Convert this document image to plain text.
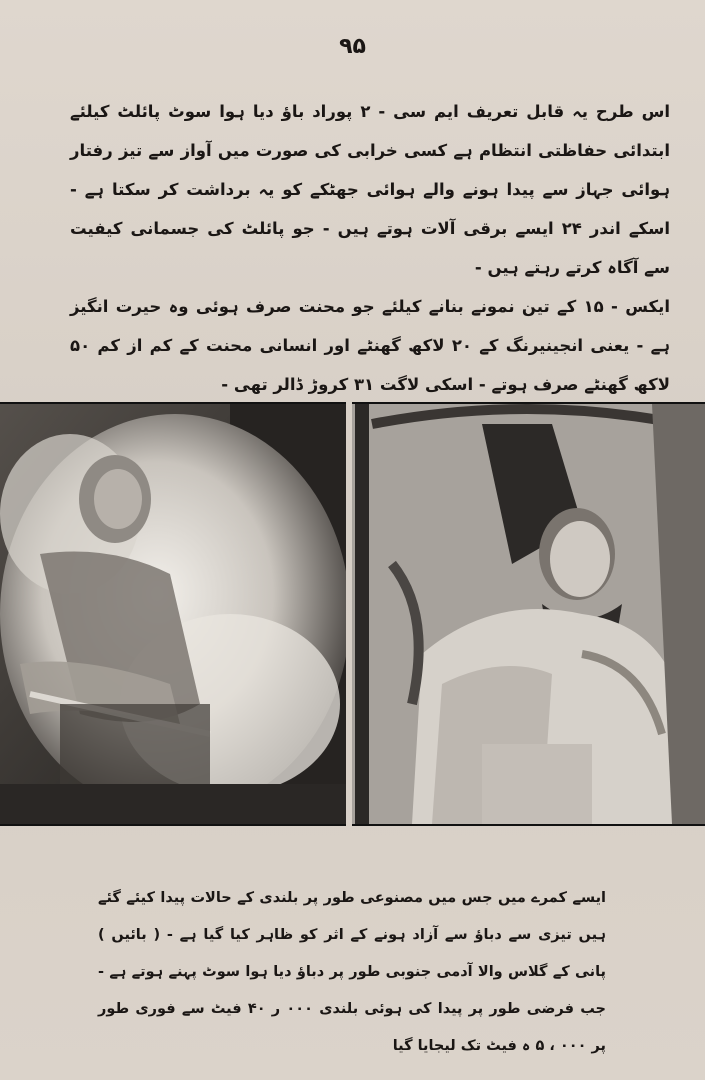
۹۵

اس طرح یہ قابل تعریف ایم سی - ۲ پوراد باؤ دیا ہوا سوٹ پائلٹ کیلئے ابتدائی حفاظتی انتظام ہے کسی خرابی کی صورت میں آواز سے تیز رفتار ہوائی جہاز سے پیدا ہونے والے ہوائی جھٹکے کو یہ برداشت کر سکتا ہے - اسکے اندر ۲۴ ایسے برقی آلات ہوتے ہیں - جو پائلٹ کی جسمانی کیفیت سے آگاہ کرتے رہتے ہیں -

ایکس - ۱۵ کے تین نمونے بنانے کیلئے جو محنت صرف ہوئی وہ حیرت انگیز ہے - یعنی انجینیرنگ کے ۲۰ لاکھ گھنٹے اور انسانی محنت کے کم از کم ۵۰ لاکھ گھنٹے صرف ہوتے - اسکی لاگت ۳۱ کروڑ ڈالر تھی -

ایسے کمرے میں جس میں مصنوعی طور پر بلندی کے حالات پیدا کیئے گئے ہیں تیزی سے دباؤ سے آزاد ہونے کے اثر کو ظاہر کیا گیا ہے - ( بائیں ) پانی کے گلاس والا آدمی جنوبی طور پر دباؤ دیا ہوا سوٹ پہنے ہوتے ہے - جب فرضی طور پر پیدا کی ہوئی بلندی ۰۰۰ ر ۴۰ فیٹ سے فوری طور پر ۰۰۰ ، ۵ ہ فیٹ تک لیجایا گیا
